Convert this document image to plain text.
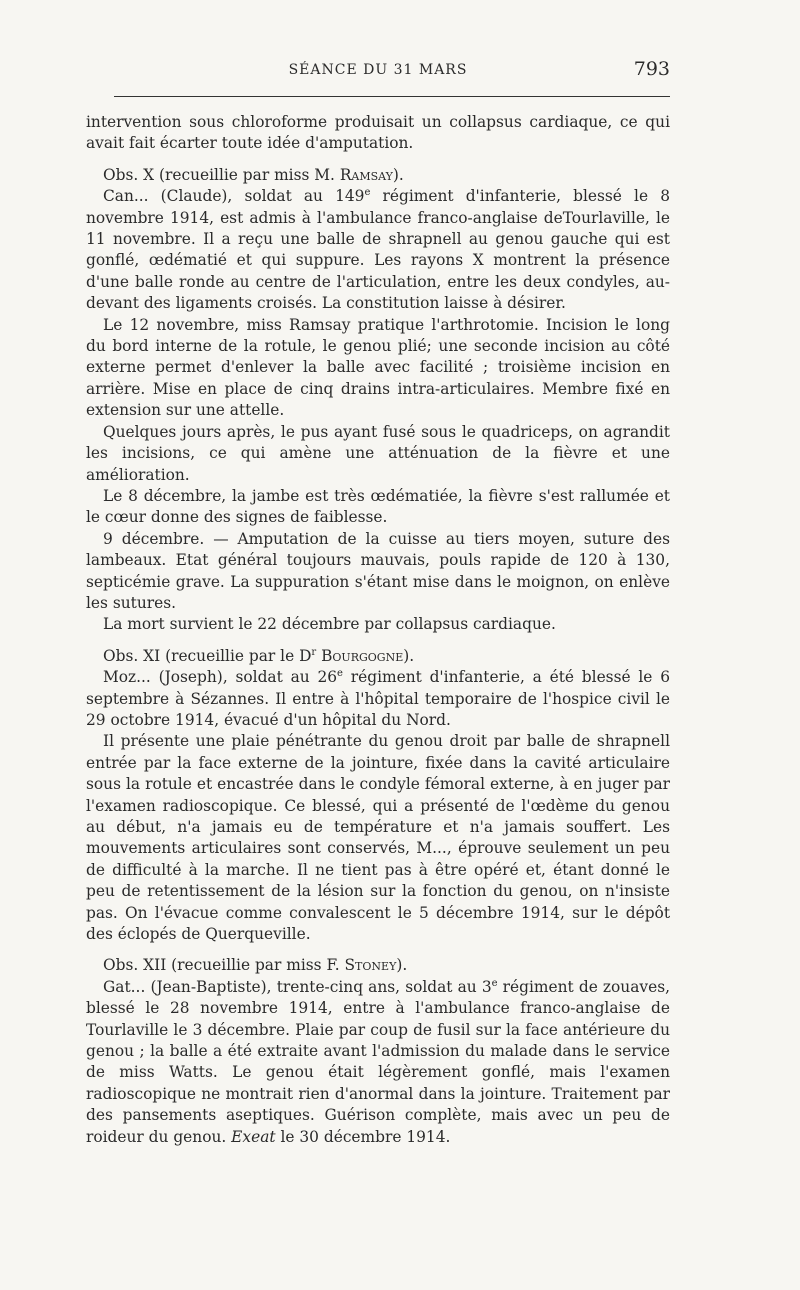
SÉANCE DU 31 MARS	793

intervention sous chloroforme produisait un collapsus cardiaque, ce qui avait fait écarter toute idée d'amputation.

Obs. X (recueillie par miss M. Ramsay).

Can... (Claude), soldat au 149e régiment d'infanterie, blessé le 8 novembre 1914, est admis à l'ambulance franco-anglaise deTourlaville, le 11 novembre. Il a reçu une balle de shrapnell au genou gauche qui est gonflé, œdématié et qui suppure. Les rayons X montrent la présence d'une balle ronde au centre de l'articulation, entre les deux condyles, au-devant des ligaments croisés. La constitution laisse à désirer.

Le 12 novembre, miss Ramsay pratique l'arthrotomie. Incision le long du bord interne de la rotule, le genou plié; une seconde incision au côté externe permet d'enlever la balle avec facilité ; troisième incision en arrière. Mise en place de cinq drains intra-articulaires. Membre fixé en extension sur une attelle.

Quelques jours après, le pus ayant fusé sous le quadriceps, on agrandit les incisions, ce qui amène une atténuation de la fièvre et une amélioration.

Le 8 décembre, la jambe est très œdématiée, la fièvre s'est rallumée et le cœur donne des signes de faiblesse.

9 décembre. — Amputation de la cuisse au tiers moyen, suture des lambeaux. Etat général toujours mauvais, pouls rapide de 120 à 130, septicémie grave. La suppuration s'étant mise dans le moignon, on enlève les sutures.

La mort survient le 22 décembre par collapsus cardiaque.

Obs. XI (recueillie par le $D^r$ Bourgogne).

Moz... (Joseph), soldat au 26e régiment d'infanterie, a été blessé le 6 septembre à Sézannes. Il entre à l'hôpital temporaire de l'hospice civil le 29 octobre 1914, évacué d'un hôpital du Nord.

Il présente une plaie pénétrante du genou droit par balle de shrapnell entrée par la face externe de la jointure, fixée dans la cavité articulaire sous la rotule et encastrée dans le condyle fémoral externe, à en juger par l'examen radioscopique. Ce blessé, qui a présenté de l'œdème du genou au début, n'a jamais eu de température et n'a jamais souffert. Les mouvements articulaires sont conservés, M..., éprouve seulement un peu de difficulté à la marche. Il ne tient pas à être opéré et, étant donné le peu de retentissement de la lésion sur la fonction du genou, on n'insiste pas. On l'évacue comme convalescent le 5 décembre 1914, sur le dépôt des éclopés de Querqueville.

Obs. XII (recueillie par miss F. Stoney).

Gat... (Jean-Baptiste), trente-cinq ans, soldat au 3e régiment de zouaves, blessé le 28 novembre 1914, entre à l'ambulance franco-anglaise de Tourlaville le 3 décembre. Plaie par coup de fusil sur la face antérieure du genou ; la balle a été extraite avant l'admission du malade dans le service de miss Watts. Le genou était légèrement gonflé, mais l'examen radioscopique ne montrait rien d'anormal dans la jointure. Traitement par des pansements aseptiques. Guérison complète, mais avec un peu de roideur du genou. Exeat le 30 décembre 1914.
